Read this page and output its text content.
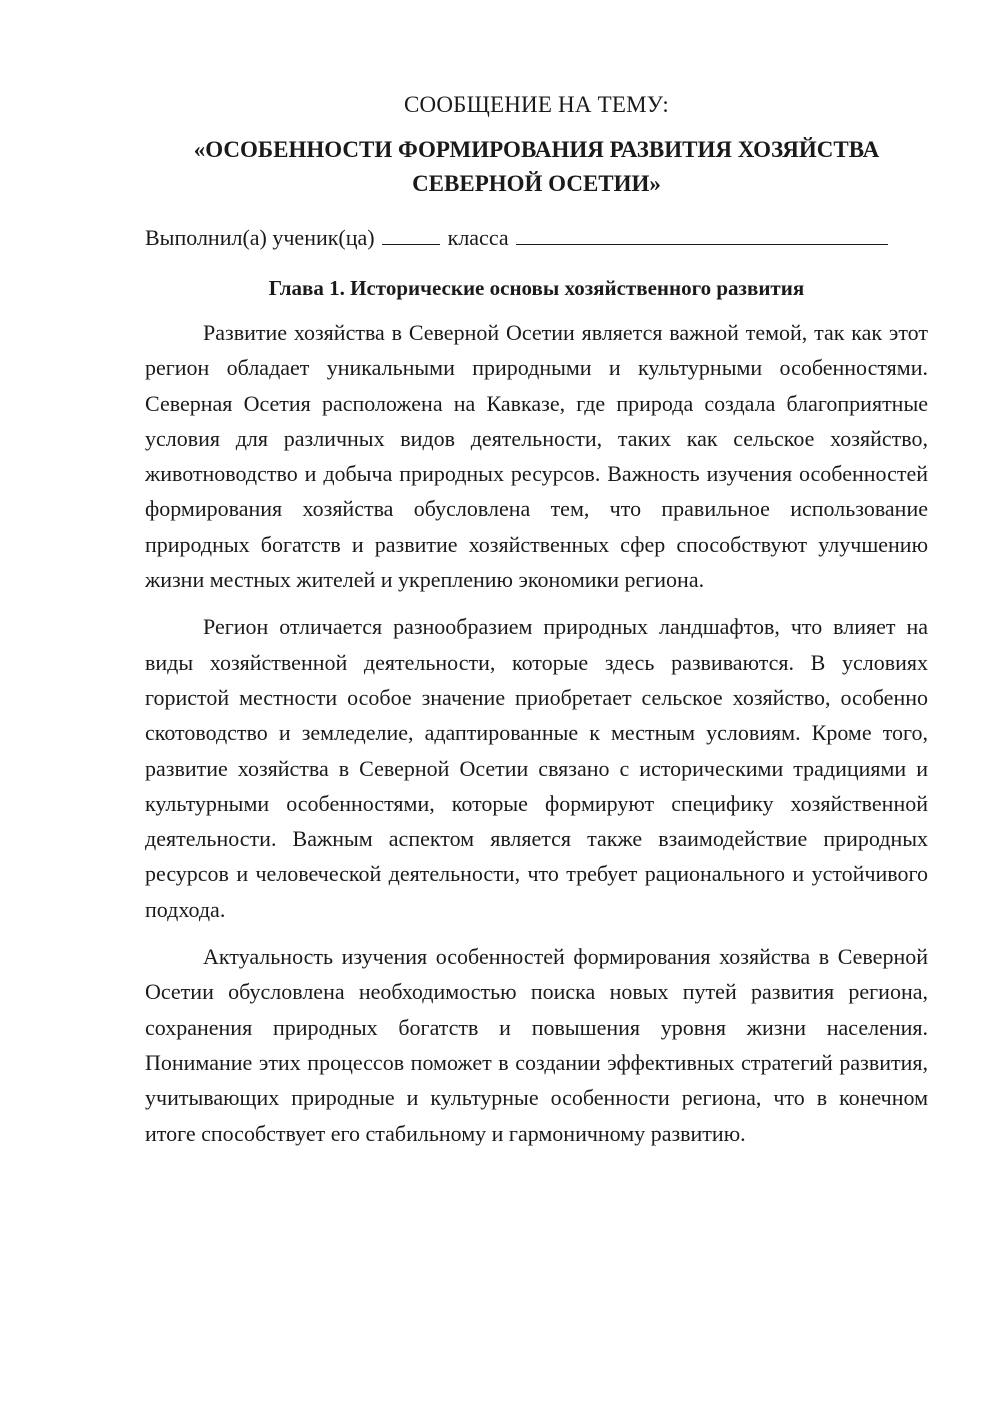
СООБЩЕНИЕ НА ТЕМУ:
«ОСОБЕННОСТИ ФОРМИРОВАНИЯ РАЗВИТИЯ ХОЗЯЙСТВА СЕВЕРНОЙ ОСЕТИИ»
Выполнил(а) ученик(ца)	класса
Глава 1. Исторические основы хозяйственного развития

Развитие хозяйства в Северной Осетии является важной темой, так как этот регион обладает уникальными природными и культурными особенностями. Северная Осетия расположена на Кавказе, где природа создала благоприятные условия для различных видов деятельности, таких как сельское хозяйство, животноводство и добыча природных ресурсов. Важность изучения особенностей формирования хозяйства обусловлена тем, что правильное использование природных богатств и развитие хозяйственных сфер способствуют улучшению жизни местных жителей и укреплению экономики региона.

Регион отличается разнообразием природных ландшафтов, что влияет на виды хозяйственной деятельности, которые здесь развиваются. В условиях гористой местности особое значение приобретает сельское хозяйство, особенно скотоводство и земледелие, адаптированные к местным условиям. Кроме того, развитие хозяйства в Северной Осетии связано с историческими традициями и культурными особенностями, которые формируют специфику хозяйственной деятельности. Важным аспектом является также взаимодействие природных ресурсов и человеческой деятельности, что требует рационального и устойчивого подхода.

Актуальность изучения особенностей формирования хозяйства в Северной Осетии обусловлена необходимостью поиска новых путей развития региона, сохранения природных богатств и повышения уровня жизни населения. Понимание этих процессов поможет в создании эффективных стратегий развития, учитывающих природные и культурные особенности региона, что в конечном итоге способствует его стабильному и гармоничному развитию.
